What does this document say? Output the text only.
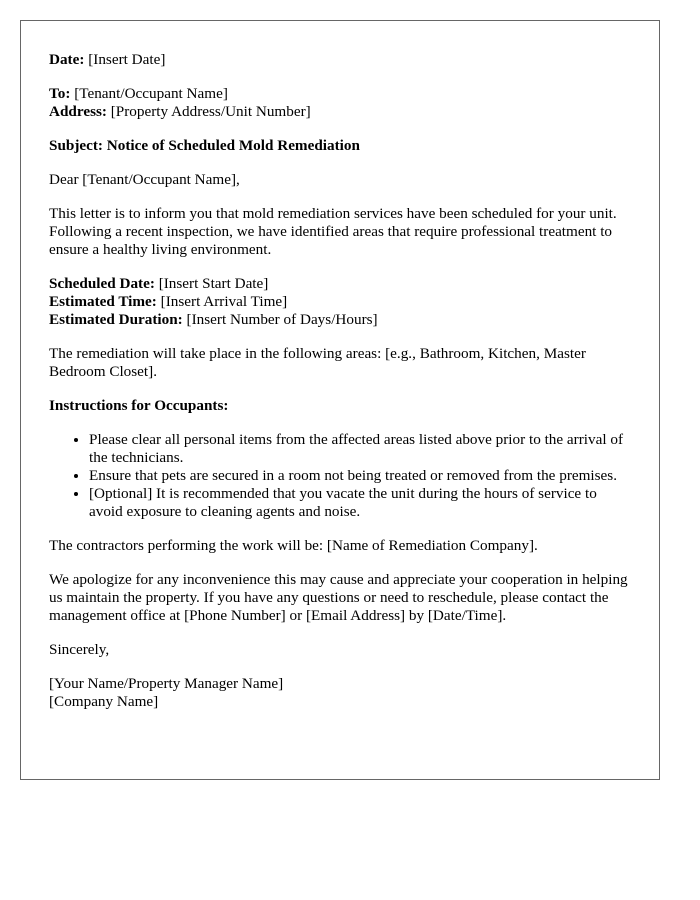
Date: [Insert Date]

To: [Tenant/Occupant Name]
Address: [Property Address/Unit Number]

Subject: Notice of Scheduled Mold Remediation

Dear [Tenant/Occupant Name],

This letter is to inform you that mold remediation services have been scheduled for your unit. Following a recent inspection, we have identified areas that require professional treatment to ensure a healthy living environment.

Scheduled Date: [Insert Start Date]
Estimated Time: [Insert Arrival Time]
Estimated Duration: [Insert Number of Days/Hours]

The remediation will take place in the following areas: [e.g., Bathroom, Kitchen, Master Bedroom Closet].

Instructions for Occupants:

• Please clear all personal items from the affected areas listed above prior to the arrival of the technicians.
• Ensure that pets are secured in a room not being treated or removed from the premises.
• [Optional] It is recommended that you vacate the unit during the hours of service to avoid exposure to cleaning agents and noise.

The contractors performing the work will be: [Name of Remediation Company].

We apologize for any inconvenience this may cause and appreciate your cooperation in helping us maintain the property. If you have any questions or need to reschedule, please contact the management office at [Phone Number] or [Email Address] by [Date/Time].

Sincerely,

[Your Name/Property Manager Name]
[Company Name]
